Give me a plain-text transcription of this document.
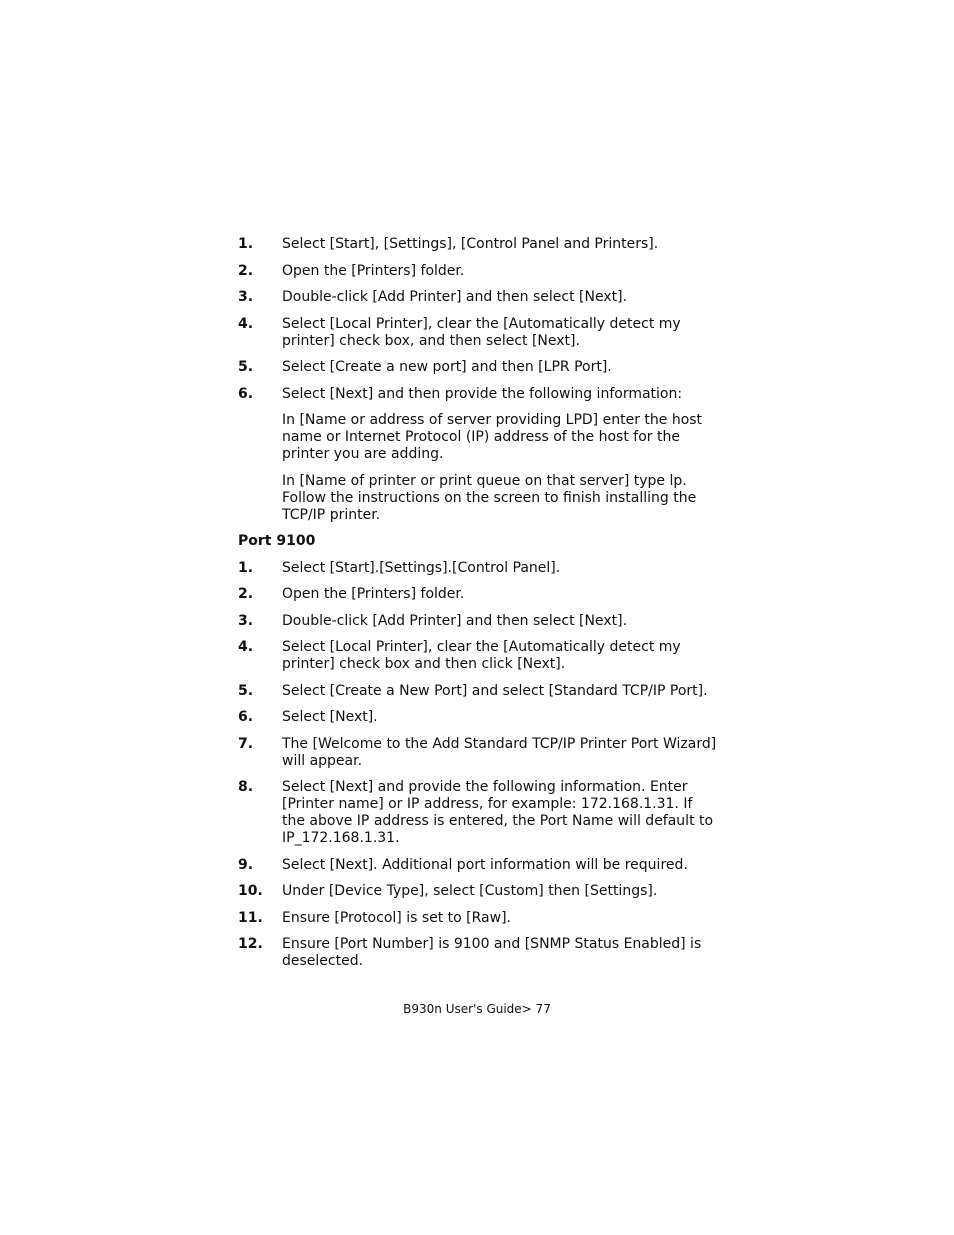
1. Select [Start], [Settings], [Control Panel and Printers].
2. Open the [Printers] folder.
3. Double-click [Add Printer] and then select [Next].
4. Select [Local Printer], clear the [Automatically detect my printer] check box, and then select [Next].
5. Select [Create a new port] and then [LPR Port].
6. Select [Next] and then provide the following information:
In [Name or address of server providing LPD] enter the host name or Internet Protocol (IP) address of the host for the printer you are adding.
In [Name of printer or print queue on that server] type lp. Follow the instructions on the screen to finish installing the TCP/IP printer.
Port 9100
1. Select [Start].[Settings].[Control Panel].
2. Open the [Printers] folder.
3. Double-click [Add Printer] and then select [Next].
4. Select [Local Printer], clear the [Automatically detect my printer] check box and then click [Next].
5. Select [Create a New Port] and select [Standard TCP/IP Port].
6. Select [Next].
7. The [Welcome to the Add Standard TCP/IP Printer Port Wizard] will appear.
8. Select [Next] and provide the following information. Enter [Printer name] or IP address, for example: 172.168.1.31. If the above IP address is entered, the Port Name will default to IP_172.168.1.31.
9. Select [Next]. Additional port information will be required.
10. Under [Device Type], select [Custom] then [Settings].
11. Ensure [Protocol] is set to [Raw].
12. Ensure [Port Number] is 9100 and [SNMP Status Enabled] is deselected.
B930n User's Guide> 77
